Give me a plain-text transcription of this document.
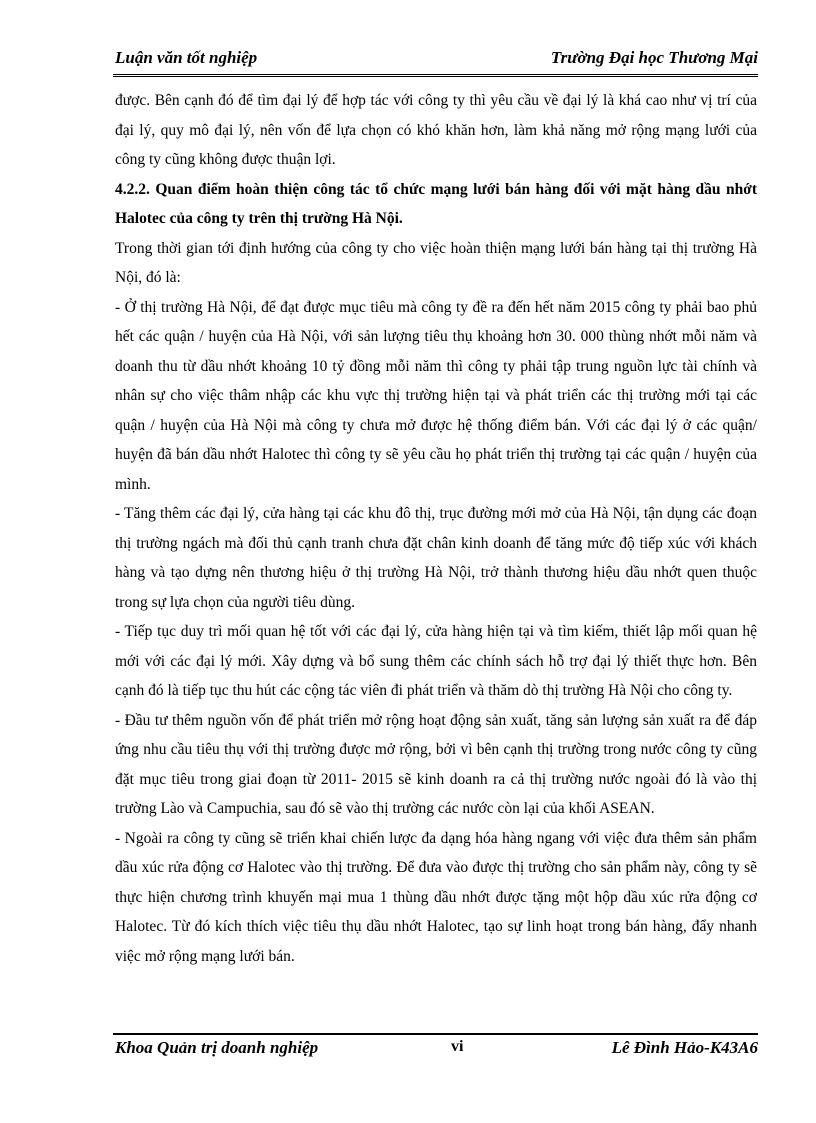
Luận văn tốt nghiệp	Trường Đại học Thương Mại

được. Bên cạnh đó để tìm đại lý để hợp tác với công ty thì yêu cầu về đại lý là khá cao như vị trí của đại lý, quy mô đại lý, nên vốn để lựa chọn có khó khăn hơn, làm khả năng mở rộng mạng lưới của công ty cũng không được thuận lợi.

4.2.2. Quan điểm hoàn thiện công tác tổ chức mạng lưới bán hàng đối với mặt hàng dầu nhớt Halotec của công ty trên thị trường Hà Nội.

Trong thời gian tới định hướng của công ty cho việc hoàn thiện mạng lưới bán hàng tại thị trường Hà Nội, đó là:

- Ở thị trường Hà Nội, để đạt được mục tiêu mà công ty đề ra đến hết năm 2015 công ty phải bao phủ hết các quận / huyện của Hà Nội, với sản lượng tiêu thụ khoảng hơn 30. 000 thùng nhớt mỗi năm và doanh thu từ dầu nhớt khoảng 10 tỷ đồng mỗi năm thì công ty phải tập trung nguồn lực tài chính và nhân sự cho việc thâm nhập các khu vực thị trường hiện tại và phát triển các thị trường mới tại các quận / huyện của Hà Nội mà công ty chưa mở được hệ thống điểm bán. Với các đại lý ở các quận/ huyện đã bán dầu nhớt Halotec thì công ty sẽ yêu cầu họ phát triển thị trường tại các quận / huyện của mình.

- Tăng thêm các đại lý, cửa hàng tại các khu đô thị, trục đường mới mở của Hà Nội, tận dụng các đoạn thị trường ngách mà đối thủ cạnh tranh chưa đặt chân kinh doanh để tăng mức độ tiếp xúc với khách hàng và tạo dựng nên thương hiệu ở thị trường Hà Nội, trở thành thương hiệu dầu nhớt quen thuộc trong sự lựa chọn của người tiêu dùng.

- Tiếp tục duy trì mối quan hệ tốt với các đại lý, cửa hàng hiện tại và tìm kiếm, thiết lập mối quan hệ mới với các đại lý mới. Xây dựng và bổ sung thêm các chính sách hỗ trợ đại lý thiết thực hơn. Bên cạnh đó là tiếp tục thu hút các cộng tác viên đi phát triển và thăm dò thị trường Hà Nội cho công ty.

- Đầu tư thêm nguồn vốn để phát triển mở rộng hoạt động sản xuất, tăng sản lượng sản xuất ra để đáp ứng nhu cầu tiêu thụ với thị trường được mở rộng, bởi vì bên cạnh thị trường trong nước công ty cũng đặt mục tiêu trong giai đoạn từ 2011- 2015 sẽ kinh doanh ra cả thị trường nước ngoài đó là vào thị trường Lào và Campuchia, sau đó sẽ vào thị trường các nước còn lại của khối ASEAN.

- Ngoài ra công ty cũng sẽ triển khai chiến lược đa dạng hóa hàng ngang với việc đưa thêm sản phẩm dầu xúc rửa động cơ Halotec vào thị trường. Để đưa vào được thị trường cho sản phẩm này, công ty sẽ thực hiện chương trình khuyến mại mua 1 thùng dầu nhớt được tặng một hộp dầu xúc rửa động cơ Halotec. Từ đó kích thích việc tiêu thụ dầu nhớt Halotec, tạo sự linh hoạt trong bán hàng, đẩy nhanh việc mở rộng mạng lưới bán.

Khoa Quản trị doanh nghiệp	vi	Lê Đình Hảo-K43A6
